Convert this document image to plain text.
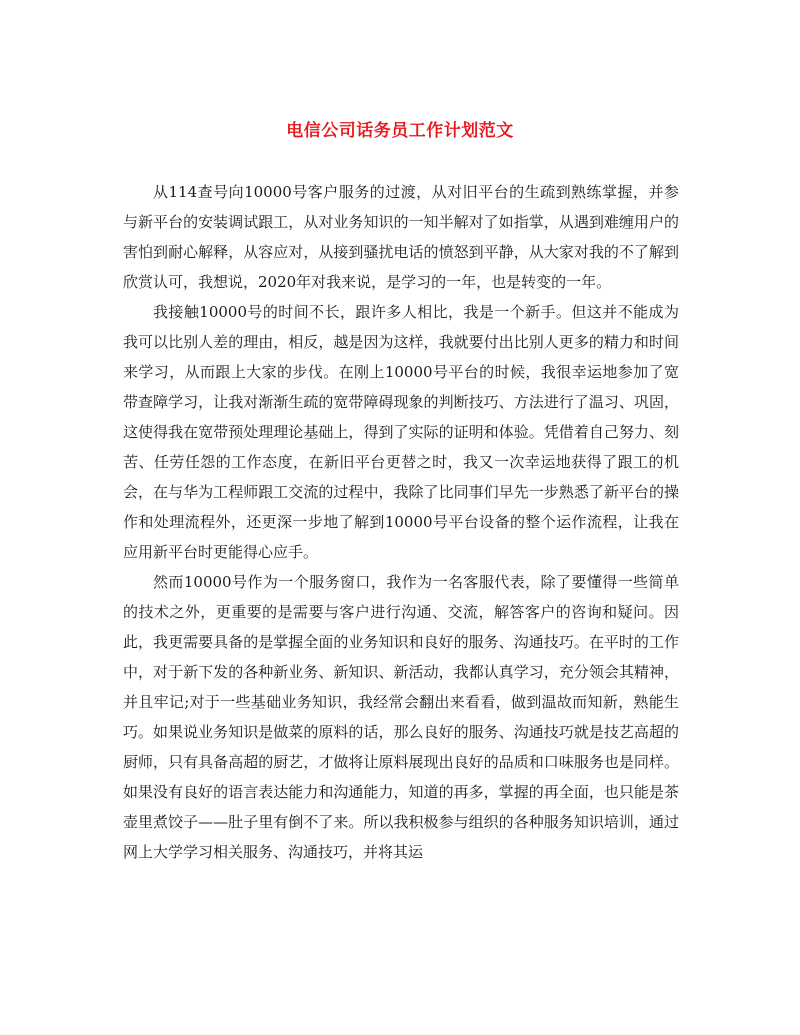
电信公司话务员工作计划范文

从114查号向10000号客户服务的过渡，从对旧平台的生疏到熟练掌握，并参与新平台的安装调试跟工，从对业务知识的一知半解对了如指掌，从遇到难缠用户的害怕到耐心解释，从容应对，从接到骚扰电话的愤怒到平静，从大家对我的不了解到欣赏认可，我想说，2020年对我来说，是学习的一年，也是转变的一年。

我接触10000号的时间不长，跟许多人相比，我是一个新手。但这并不能成为我可以比别人差的理由，相反，越是因为这样，我就要付出比别人更多的精力和时间来学习，从而跟上大家的步伐。在刚上10000号平台的时候，我很幸运地参加了宽带查障学习，让我对渐渐生疏的宽带障碍现象的判断技巧、方法进行了温习、巩固，这使得我在宽带预处理理论基础上，得到了实际的证明和体验。凭借着自己努力、刻苦、任劳任怨的工作态度，在新旧平台更替之时，我又一次幸运地获得了跟工的机会，在与华为工程师跟工交流的过程中，我除了比同事们早先一步熟悉了新平台的操作和处理流程外，还更深一步地了解到10000号平台设备的整个运作流程，让我在应用新平台时更能得心应手。

然而10000号作为一个服务窗口，我作为一名客服代表，除了要懂得一些简单的技术之外，更重要的是需要与客户进行沟通、交流，解答客户的咨询和疑问。因此，我更需要具备的是掌握全面的业务知识和良好的服务、沟通技巧。在平时的工作中，对于新下发的各种新业务、新知识、新活动，我都认真学习，充分领会其精神，并且牢记;对于一些基础业务知识，我经常会翻出来看看，做到温故而知新，熟能生巧。如果说业务知识是做菜的原料的话，那么良好的服务、沟通技巧就是技艺高超的厨师，只有具备高超的厨艺，才做将让原料展现出良好的品质和口味服务也是同样。如果没有良好的语言表达能力和沟通能力，知道的再多，掌握的再全面，也只能是茶壶里煮饺子——肚子里有倒不了来。所以我积极参与组织的各种服务知识培训，通过网上大学学习相关服务、沟通技巧，并将其运
